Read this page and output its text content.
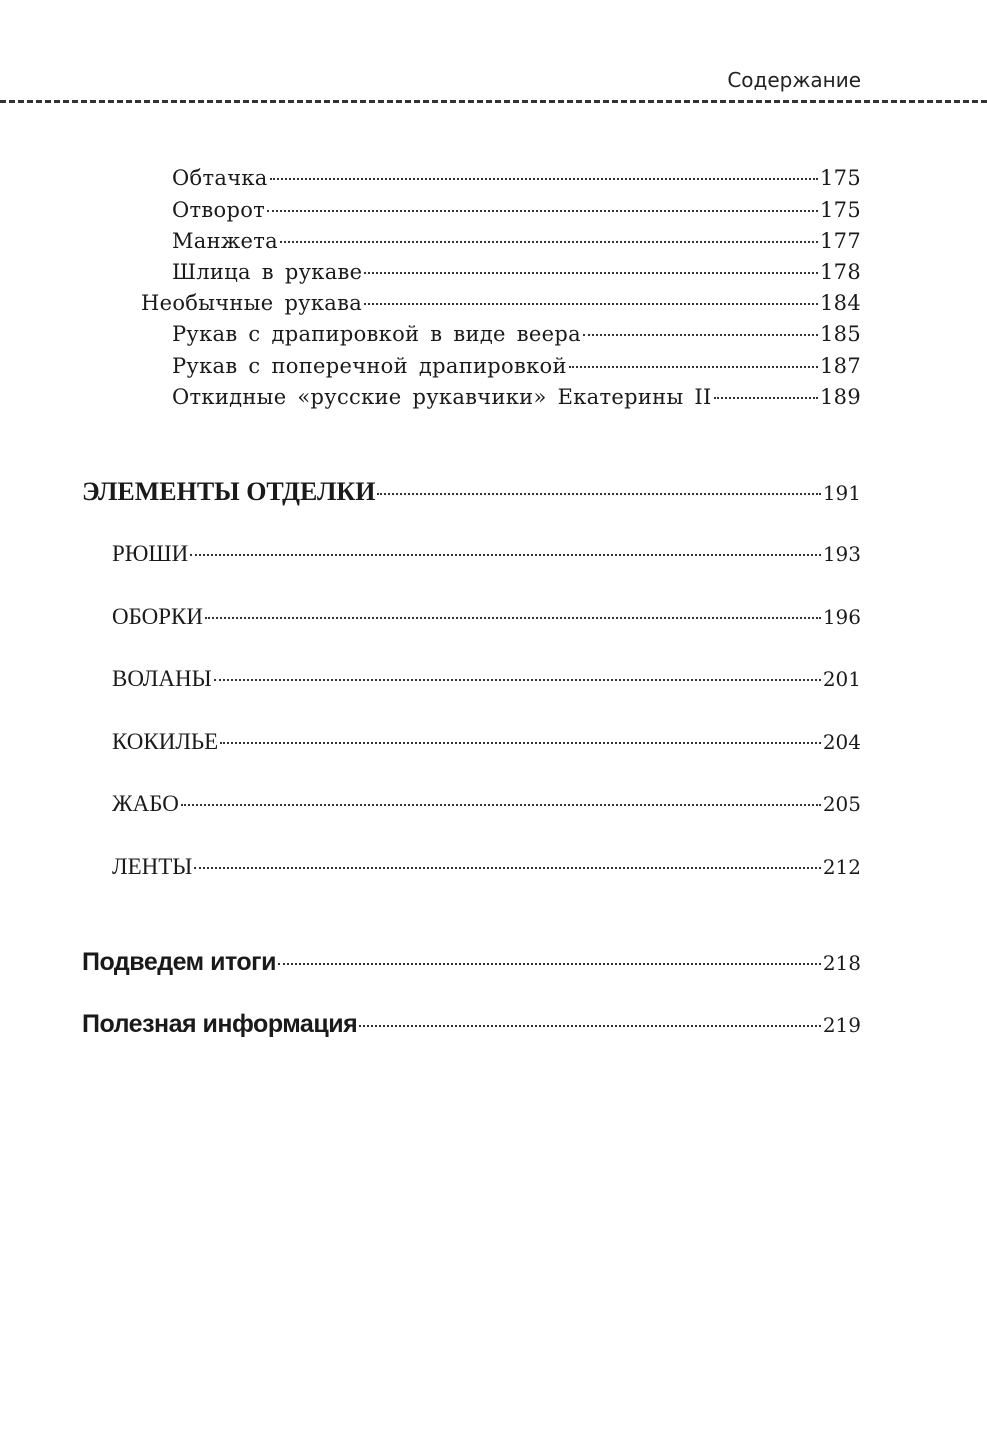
Содержание
Обтачка	175
Отворот	175
Манжета	177
Шлица в рукаве	178
Необычные рукава	184
Рукав с драпировкой в виде веера	185
Рукав с поперечной драпировкой	187
Откидные «русские рукавчики» Екатерины II	189
ЭЛЕМЕНТЫ ОТДЕЛКИ	191
РЮШИ	193
ОБОРКИ	196
ВОЛАНЫ	201
КОКИЛЬЕ	204
ЖАБО	205
ЛЕНТЫ	212
Подведем итоги	218
Полезная информация	219
